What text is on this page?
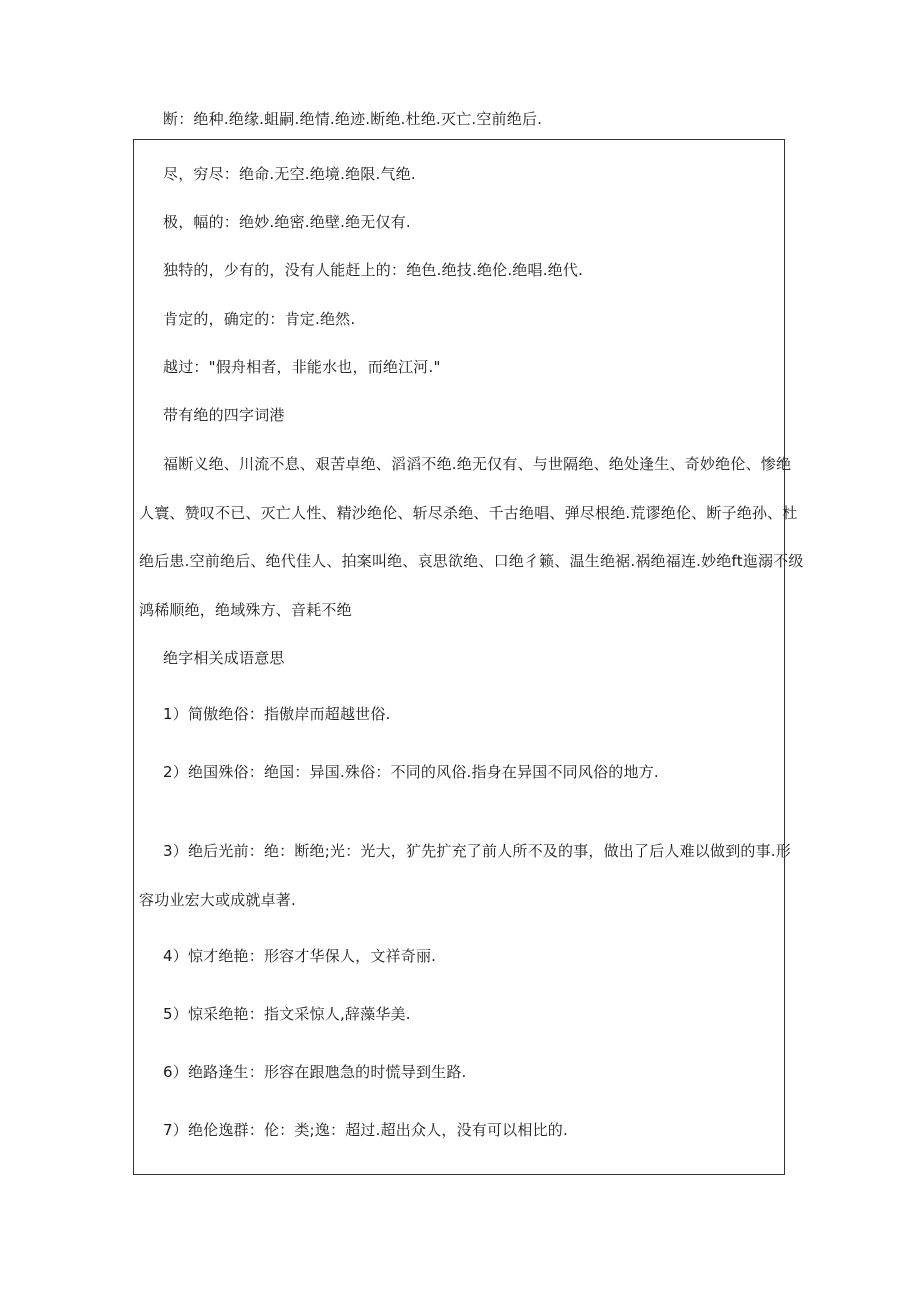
断：绝种.绝缘.蛆嗣.绝情.绝迹.断绝.杜绝.灭亡.空前绝后.
尽，穷尽：绝命.无空.绝境.绝限.气绝.
极，幅的：绝妙.绝密.绝壁.绝无仅有.
独特的，少有的，没有人能赶上的：绝色.绝技.绝伦.绝唱.绝代.
肯定的，确定的：肯定.绝然.
越过："假舟相者，非能水也，而绝江河."
带有绝的四字词港
福断义绝、川流不息、艰苦卓绝、滔滔不绝.绝无仅有、与世隔绝、绝处逢生、奇妙绝伦、惨绝
人寰、赞叹不已、灭亡人性、精沙绝伦、斩尽杀绝、千古绝唱、弹尽根绝.荒谬绝伦、断子绝孙、杜
绝后患.空前绝后、绝代佳人、拍案叫绝、哀思欲绝、口绝彳籁、温生绝裾.祸绝福连.妙绝ft迤溺不级
鸿稀顺绝，绝域殊方、音耗不绝
绝字相关成语意思
1）简傲绝俗：指傲岸而超越世俗.
2）绝国殊俗：绝国：异国.殊俗：不同的风俗.指身在异国不同风俗的地方.
3）绝后光前：绝：断绝;光：光大，犷先扩充了前人所不及的事，做出了后人难以做到的事.形
容功业宏大或成就卓著.
4）惊才绝艳：形容才华保人，文祥奇丽.
5）惊采绝艳：指文采惊人,辞藻华美.
6）绝路逢生：形容在跟虺急的时慌导到生路.
7）绝伦逸群：伦：类;逸：超过.超出众人，没有可以相比的.
